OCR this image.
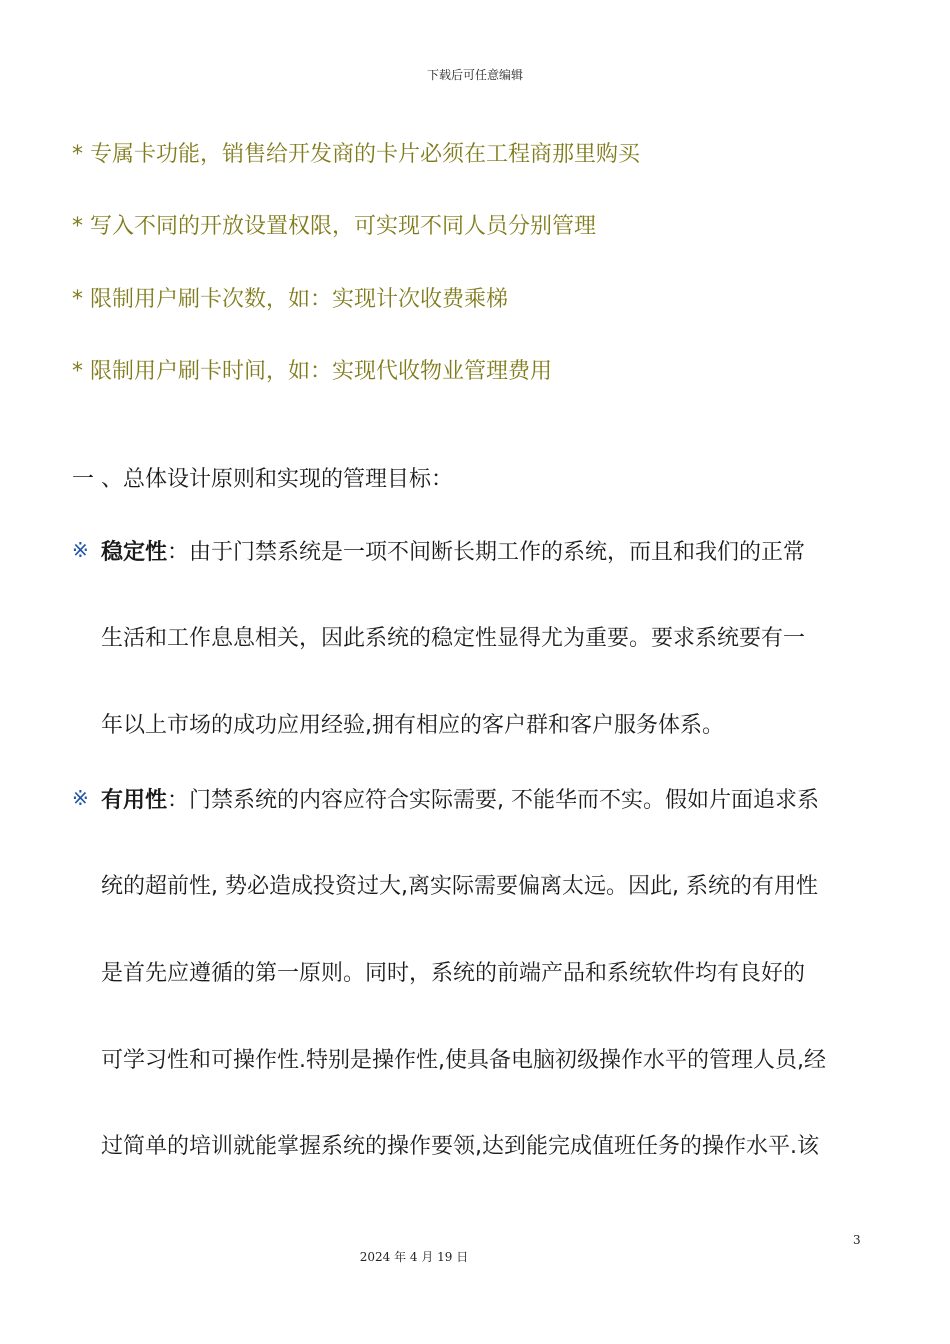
下载后可任意编辑
* 专属卡功能，销售给开发商的卡片必须在工程商那里购买
* 写入不同的开放设置权限，可实现不同人员分别管理
* 限制用户刷卡次数，如：实现计次收费乘梯
* 限制用户刷卡时间，如：实现代收物业管理费用
一 、总体设计原则和实现的管理目标：
※ 稳定性：由于门禁系统是一项不间断长期工作的系统，而且和我们的正常
生活和工作息息相关，因此系统的稳定性显得尤为重要。要求系统要有一
年以上市场的成功应用经验,拥有相应的客户群和客户服务体系。
※ 有用性：门禁系统的内容应符合实际需要, 不能华而不实。假如片面追求系
统的超前性, 势必造成投资过大,离实际需要偏离太远。因此, 系统的有用性
是首先应遵循的第一原则。同时，系统的前端产品和系统软件均有良好的
可学习性和可操作性.特别是操作性,使具备电脑初级操作水平的管理人员,经
过简单的培训就能掌握系统的操作要领,达到能完成值班任务的操作水平.该
3
2024 年 4 月 19 日
